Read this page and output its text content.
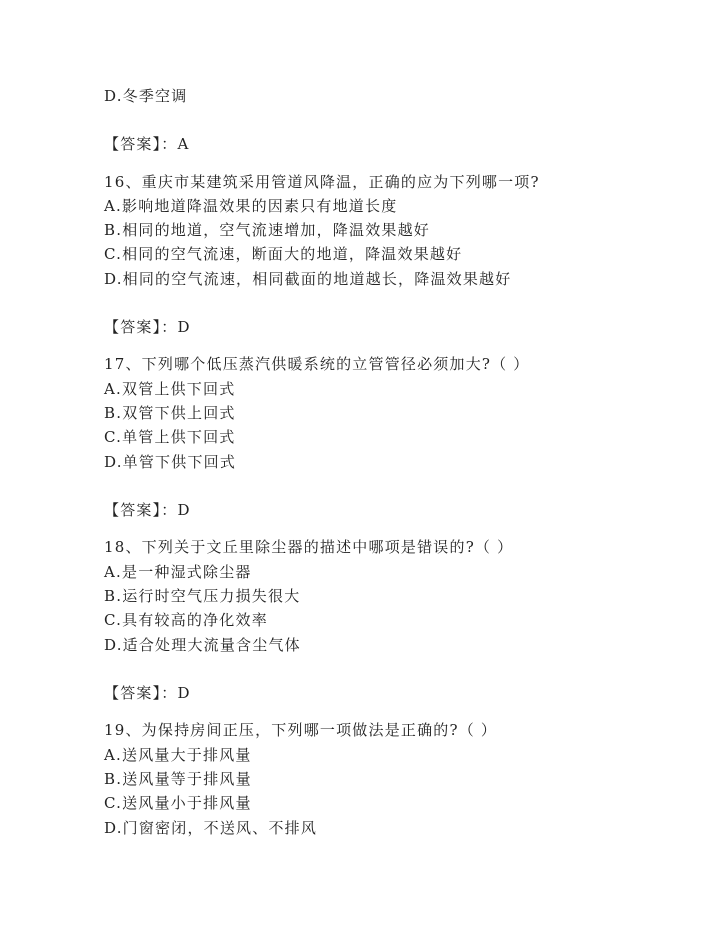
D.冬季空调
【答案】：A
16、重庆市某建筑采用管道风降温，正确的应为下列哪一项?
A.影响地道降温效果的因素只有地道长度
B.相同的地道，空气流速增加，降温效果越好
C.相同的空气流速，断面大的地道，降温效果越好
D.相同的空气流速，相同截面的地道越长，降温效果越好
【答案】：D
17、下列哪个低压蒸汽供暖系统的立管管径必须加大?（ ）
A.双管上供下回式
B.双管下供上回式
C.单管上供下回式
D.单管下供下回式
【答案】：D
18、下列关于文丘里除尘器的描述中哪项是错误的?（ ）
A.是一种湿式除尘器
B.运行时空气压力损失很大
C.具有较高的净化效率
D.适合处理大流量含尘气体
【答案】：D
19、为保持房间正压，下列哪一项做法是正确的?（ ）
A.送风量大于排风量
B.送风量等于排风量
C.送风量小于排风量
D.门窗密闭，不送风、不排风
